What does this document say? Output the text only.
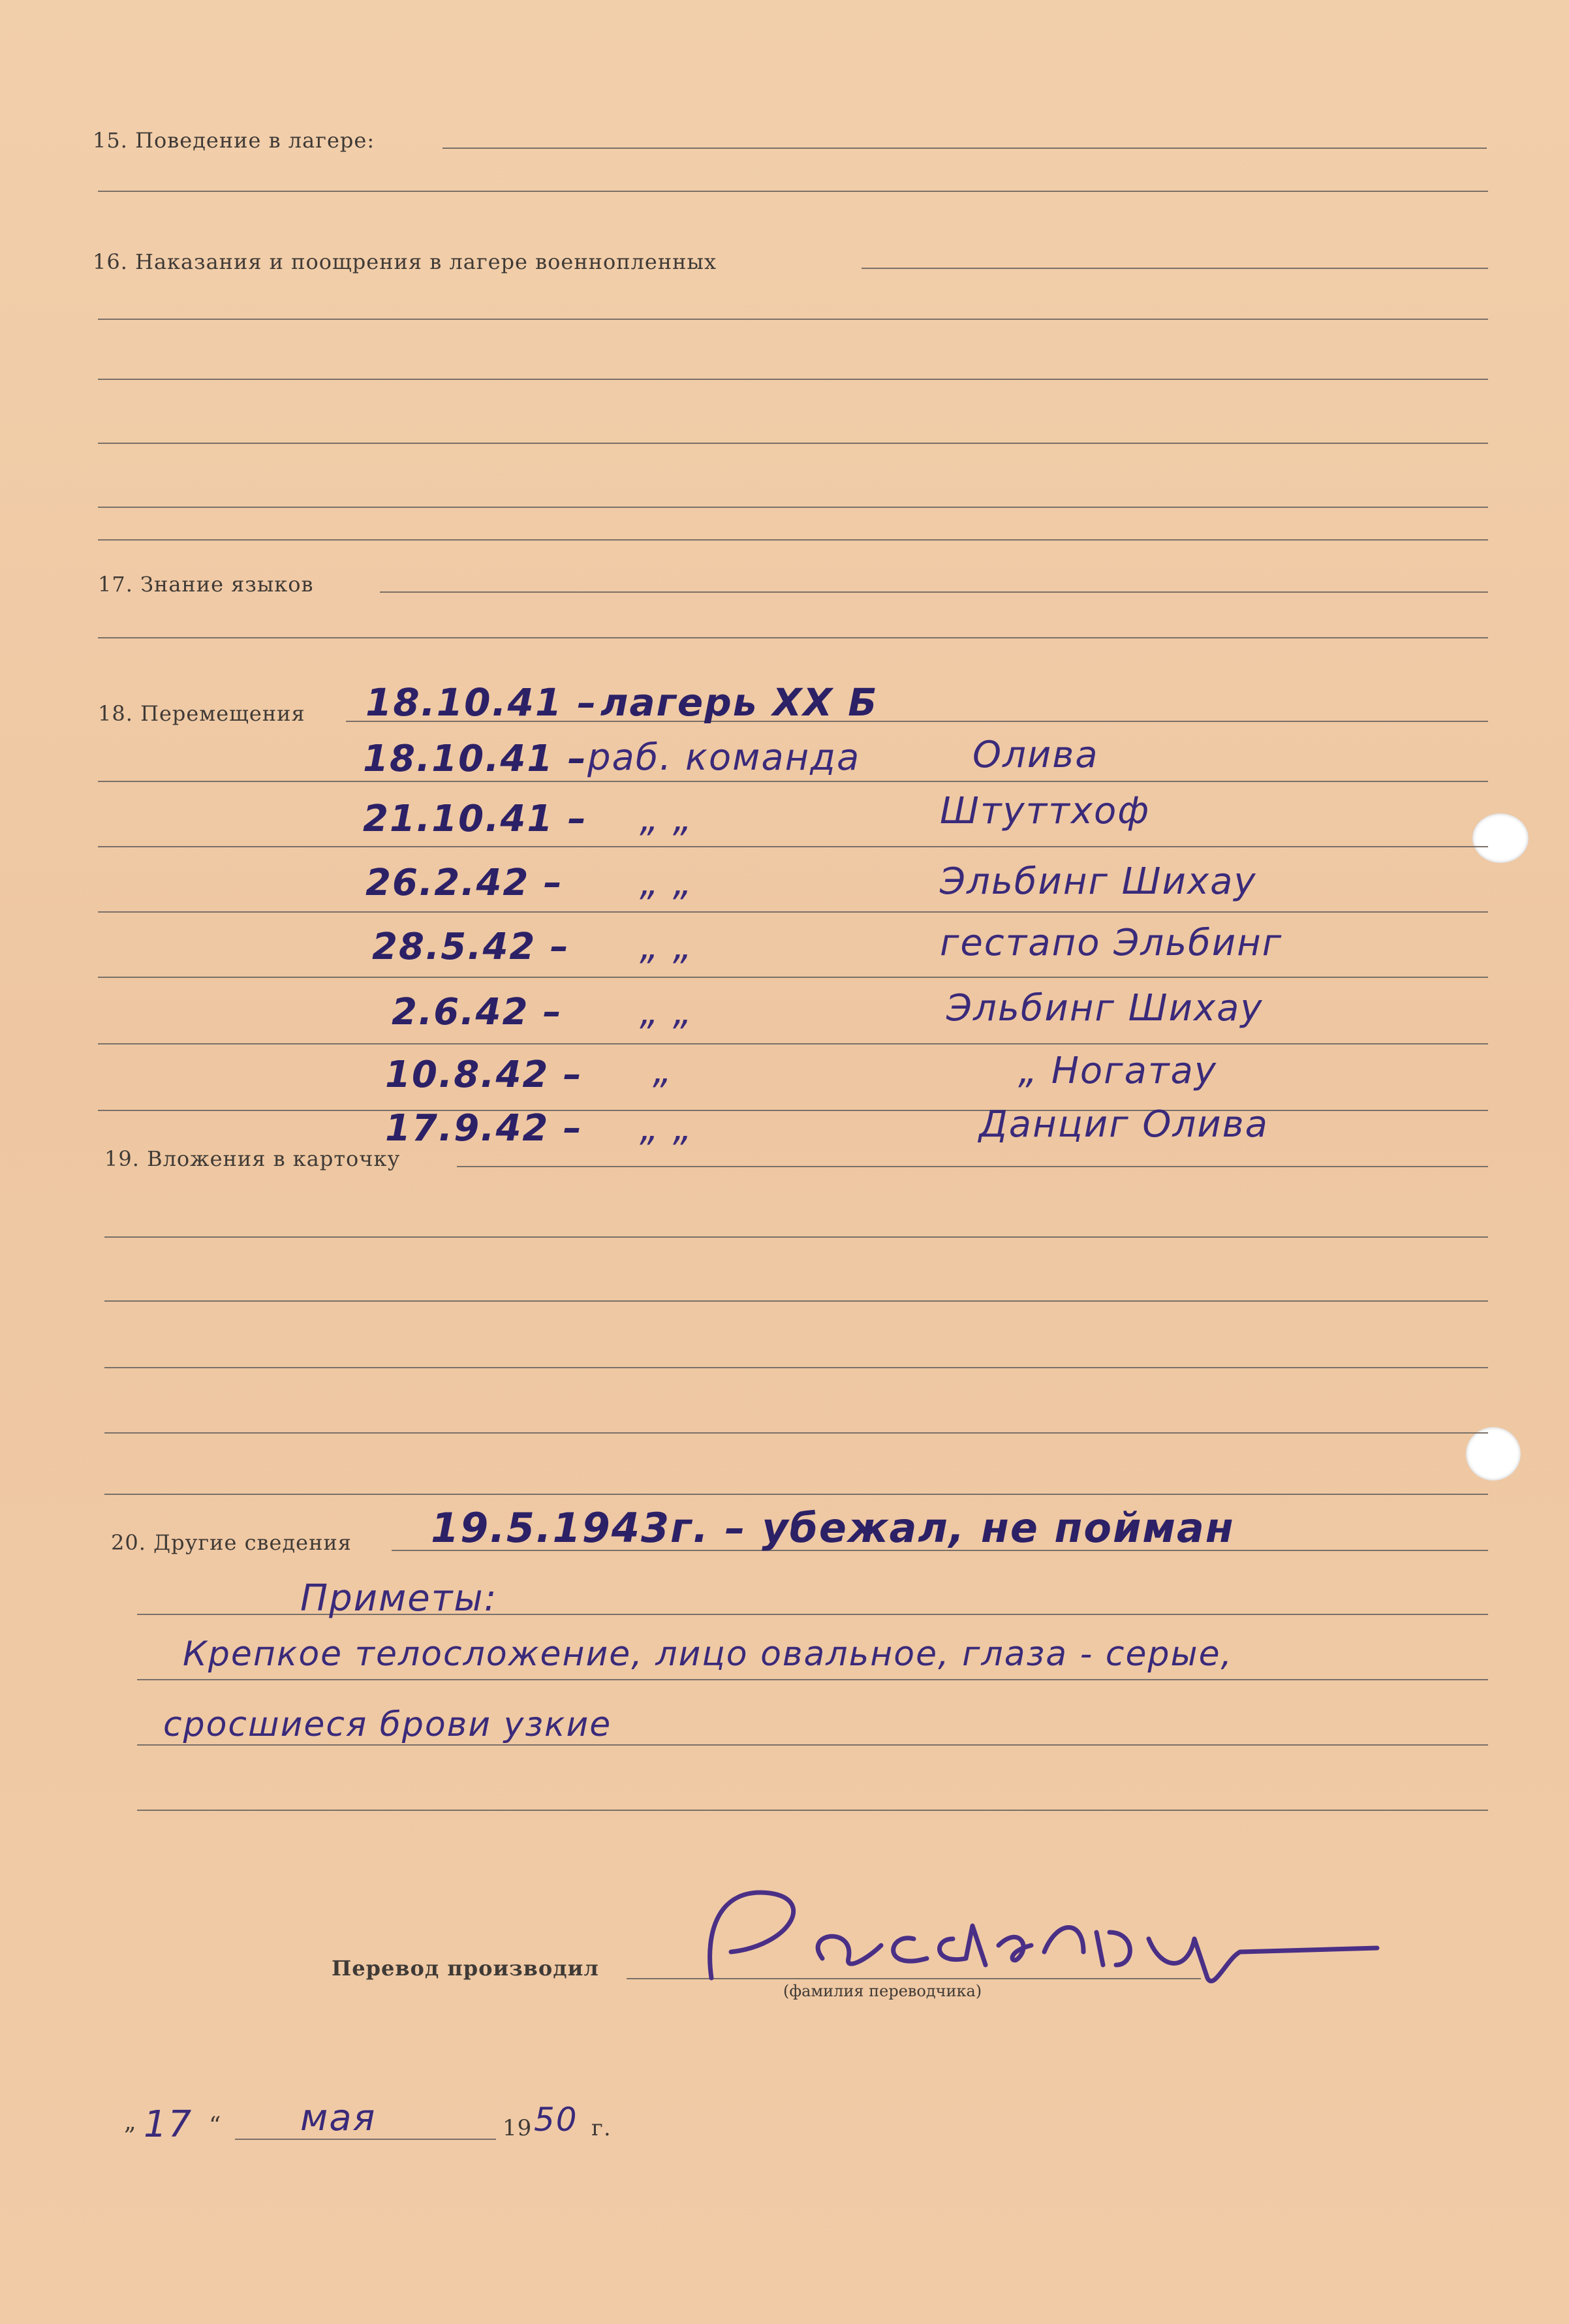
15. Поведение в лагере:
16. Наказания и поощрения в лагере военнопленных
17. Знание языков
18. Перемещения 18.10.41 – лагерь XX Б
18.10.41 – раб. команда	Олива
21.10.41 – „ „	Штуттхоф
26.2.42 – „ „	Эльбинг Шихау
28.5.42 – „ „	гестапо Эльбинг
2.6.42 – „ „	Эльбинг Шихау
10.8.42 – „	„ Ногатау
17.9.42 – „ „	Данциг Олива
19. Вложения в карточку
20. Другие сведения 19.5.1943г. – убежал, не пойман
Приметы:
Крепкое телосложение, лицо овальное, глаза - серые,
сросшиеся брови узкие
Перевод производил
(фамилия переводчика)
„ 17 “ мая	19 50 г.
